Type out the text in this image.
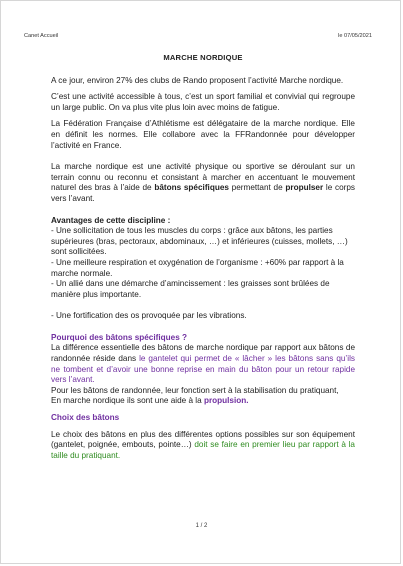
Canet Accueil	le 07/05/2021

MARCHE NORDIQUE

A ce jour, environ 27% des clubs de Rando proposent l’activité Marche nordique.

C’est une activité accessible à tous, c’est un sport familial et convivial qui regroupe un large public. On va plus vite plus loin avec moins de fatigue.

La Fédération Française d’Athlétisme est délégataire de la marche nordique. Elle en définit les normes. Elle collabore avec la FFRandonnée pour développer l’activité en France.

La marche nordique est une activité physique ou sportive se déroulant sur un terrain connu ou reconnu et consistant à marcher en accentuant le mouvement naturel des bras à l’aide de bâtons spécifiques permettant de propulser le corps vers l’avant.

Avantages de cette discipline :

- Une sollicitation de tous les muscles du corps : grâce aux bâtons, les parties supérieures (bras, pectoraux, abdominaux, …) et inférieures (cuisses, mollets, …) sont sollicitées.

- Une meilleure respiration et oxygénation de l’organisme : +60% par rapport à la marche normale.

- Un allié dans une démarche d’amincissement : les graisses sont brûlées de manière plus importante.

- Une fortification des os provoquée par les vibrations.

Pourquoi des bâtons spécifiques ?

La différence essentielle des bâtons de marche nordique par rapport aux bâtons de randonnée réside dans le gantelet qui permet de « lâcher » les bâtons sans qu’ils ne tombent et d’avoir une bonne reprise en main du bâton pour un retour rapide vers l’avant.

Pour les bâtons de randonnée, leur fonction sert à la stabilisation du pratiquant,

En marche nordique ils sont une aide à la propulsion.

Choix des bâtons

Le choix des bâtons en plus des différentes options possibles sur son équipement (gantelet, poignée, embouts, pointe…) doit se faire en premier lieu par rapport à la taille du pratiquant.

1 / 2
